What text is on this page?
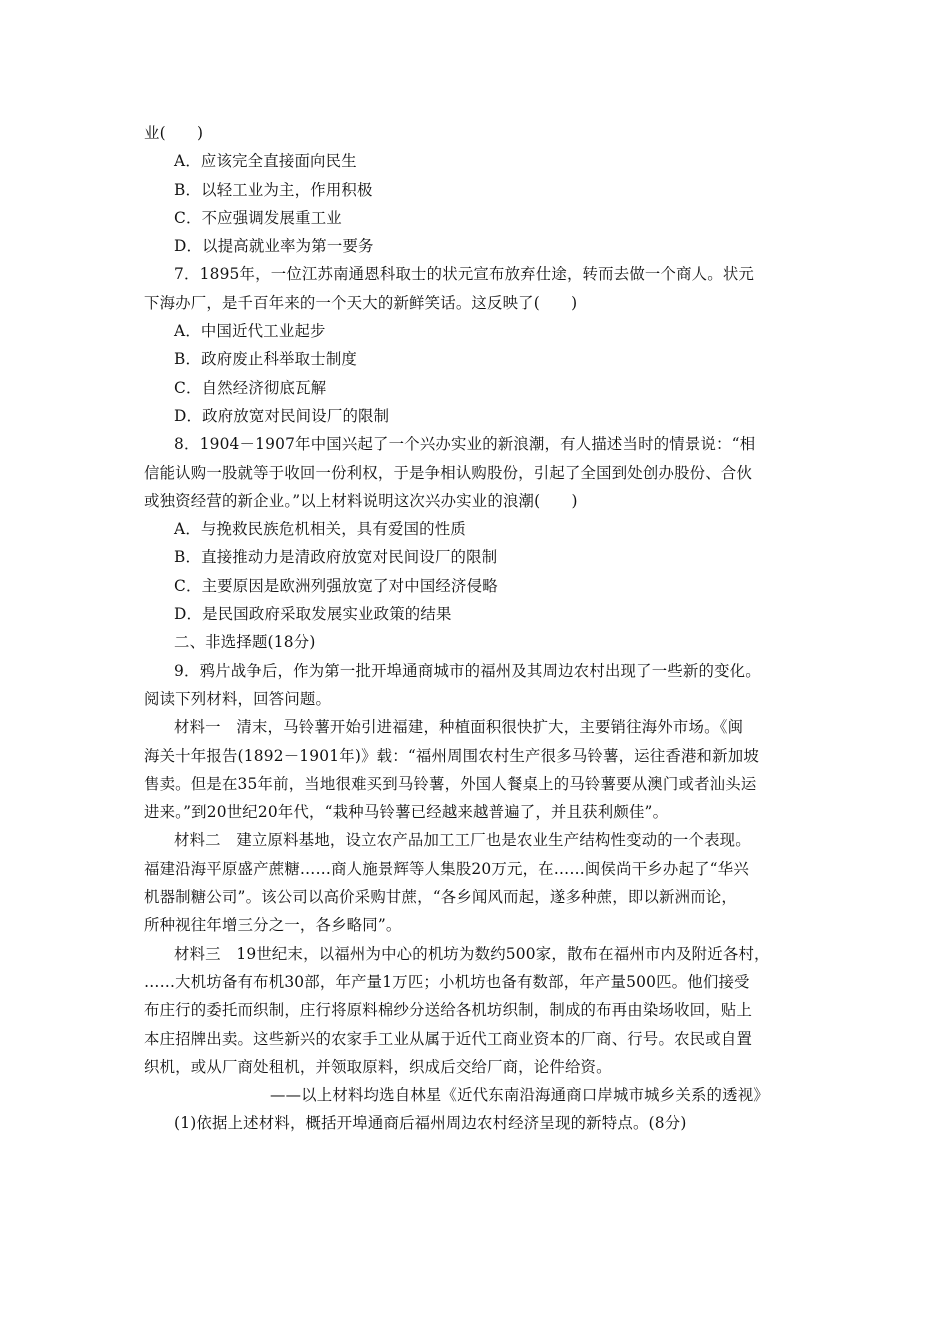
业(　　)
A．应该完全直接面向民生
B．以轻工业为主，作用积极
C．不应强调发展重工业
D．以提高就业率为第一要务
7．1895年，一位江苏南通恩科取士的状元宣布放弃仕途，转而去做一个商人。状元
下海办厂，是千百年来的一个天大的新鲜笑话。这反映了(　　)
A．中国近代工业起步
B．政府废止科举取士制度
C．自然经济彻底瓦解
D．政府放宽对民间设厂的限制
8．1904－1907年中国兴起了一个兴办实业的新浪潮，有人描述当时的情景说：“相
信能认购一股就等于收回一份利权，于是争相认购股份，引起了全国到处创办股份、合伙
或独资经营的新企业。”以上材料说明这次兴办实业的浪潮(　　)
A．与挽救民族危机相关，具有爱国的性质
B．直接推动力是清政府放宽对民间设厂的限制
C．主要原因是欧洲列强放宽了对中国经济侵略
D．是民国政府采取发展实业政策的结果
二、非选择题(18分)
9．鸦片战争后，作为第一批开埠通商城市的福州及其周边农村出现了一些新的变化。
阅读下列材料，回答问题。
材料一　清末，马铃薯开始引进福建，种植面积很快扩大，主要销往海外市场。《闽
海关十年报告(1892－1901年)》载：“福州周围农村生产很多马铃薯，运往香港和新加坡
售卖。但是在35年前，当地很难买到马铃薯，外国人餐桌上的马铃薯要从澳门或者汕头运
进来。”到20世纪20年代，“栽种马铃薯已经越来越普遍了，并且获利颇佳”。
材料二　建立原料基地，设立农产品加工工厂也是农业生产结构性变动的一个表现。
福建沿海平原盛产蔗糖……商人施景辉等人集股20万元，在……闽侯尚干乡办起了“华兴
机器制糖公司”。该公司以高价采购甘蔗，“各乡闻风而起，遂多种蔗，即以新洲而论，
所种视往年增三分之一，各乡略同”。
材料三　19世纪末，以福州为中心的机坊为数约500家，散布在福州市内及附近各村，
……大机坊备有布机30部，年产量1万匹；小机坊也备有数部，年产量500匹。他们接受
布庄行的委托而织制，庄行将原料棉纱分送给各机坊织制，制成的布再由染场收回，贴上
本庄招牌出卖。这些新兴的农家手工业从属于近代工商业资本的厂商、行号。农民或自置
织机，或从厂商处租机，并领取原料，织成后交给厂商，论件给资。
——以上材料均选自林星《近代东南沿海通商口岸城市城乡关系的透视》
(1)依据上述材料，概括开埠通商后福州周边农村经济呈现的新特点。(8分)
